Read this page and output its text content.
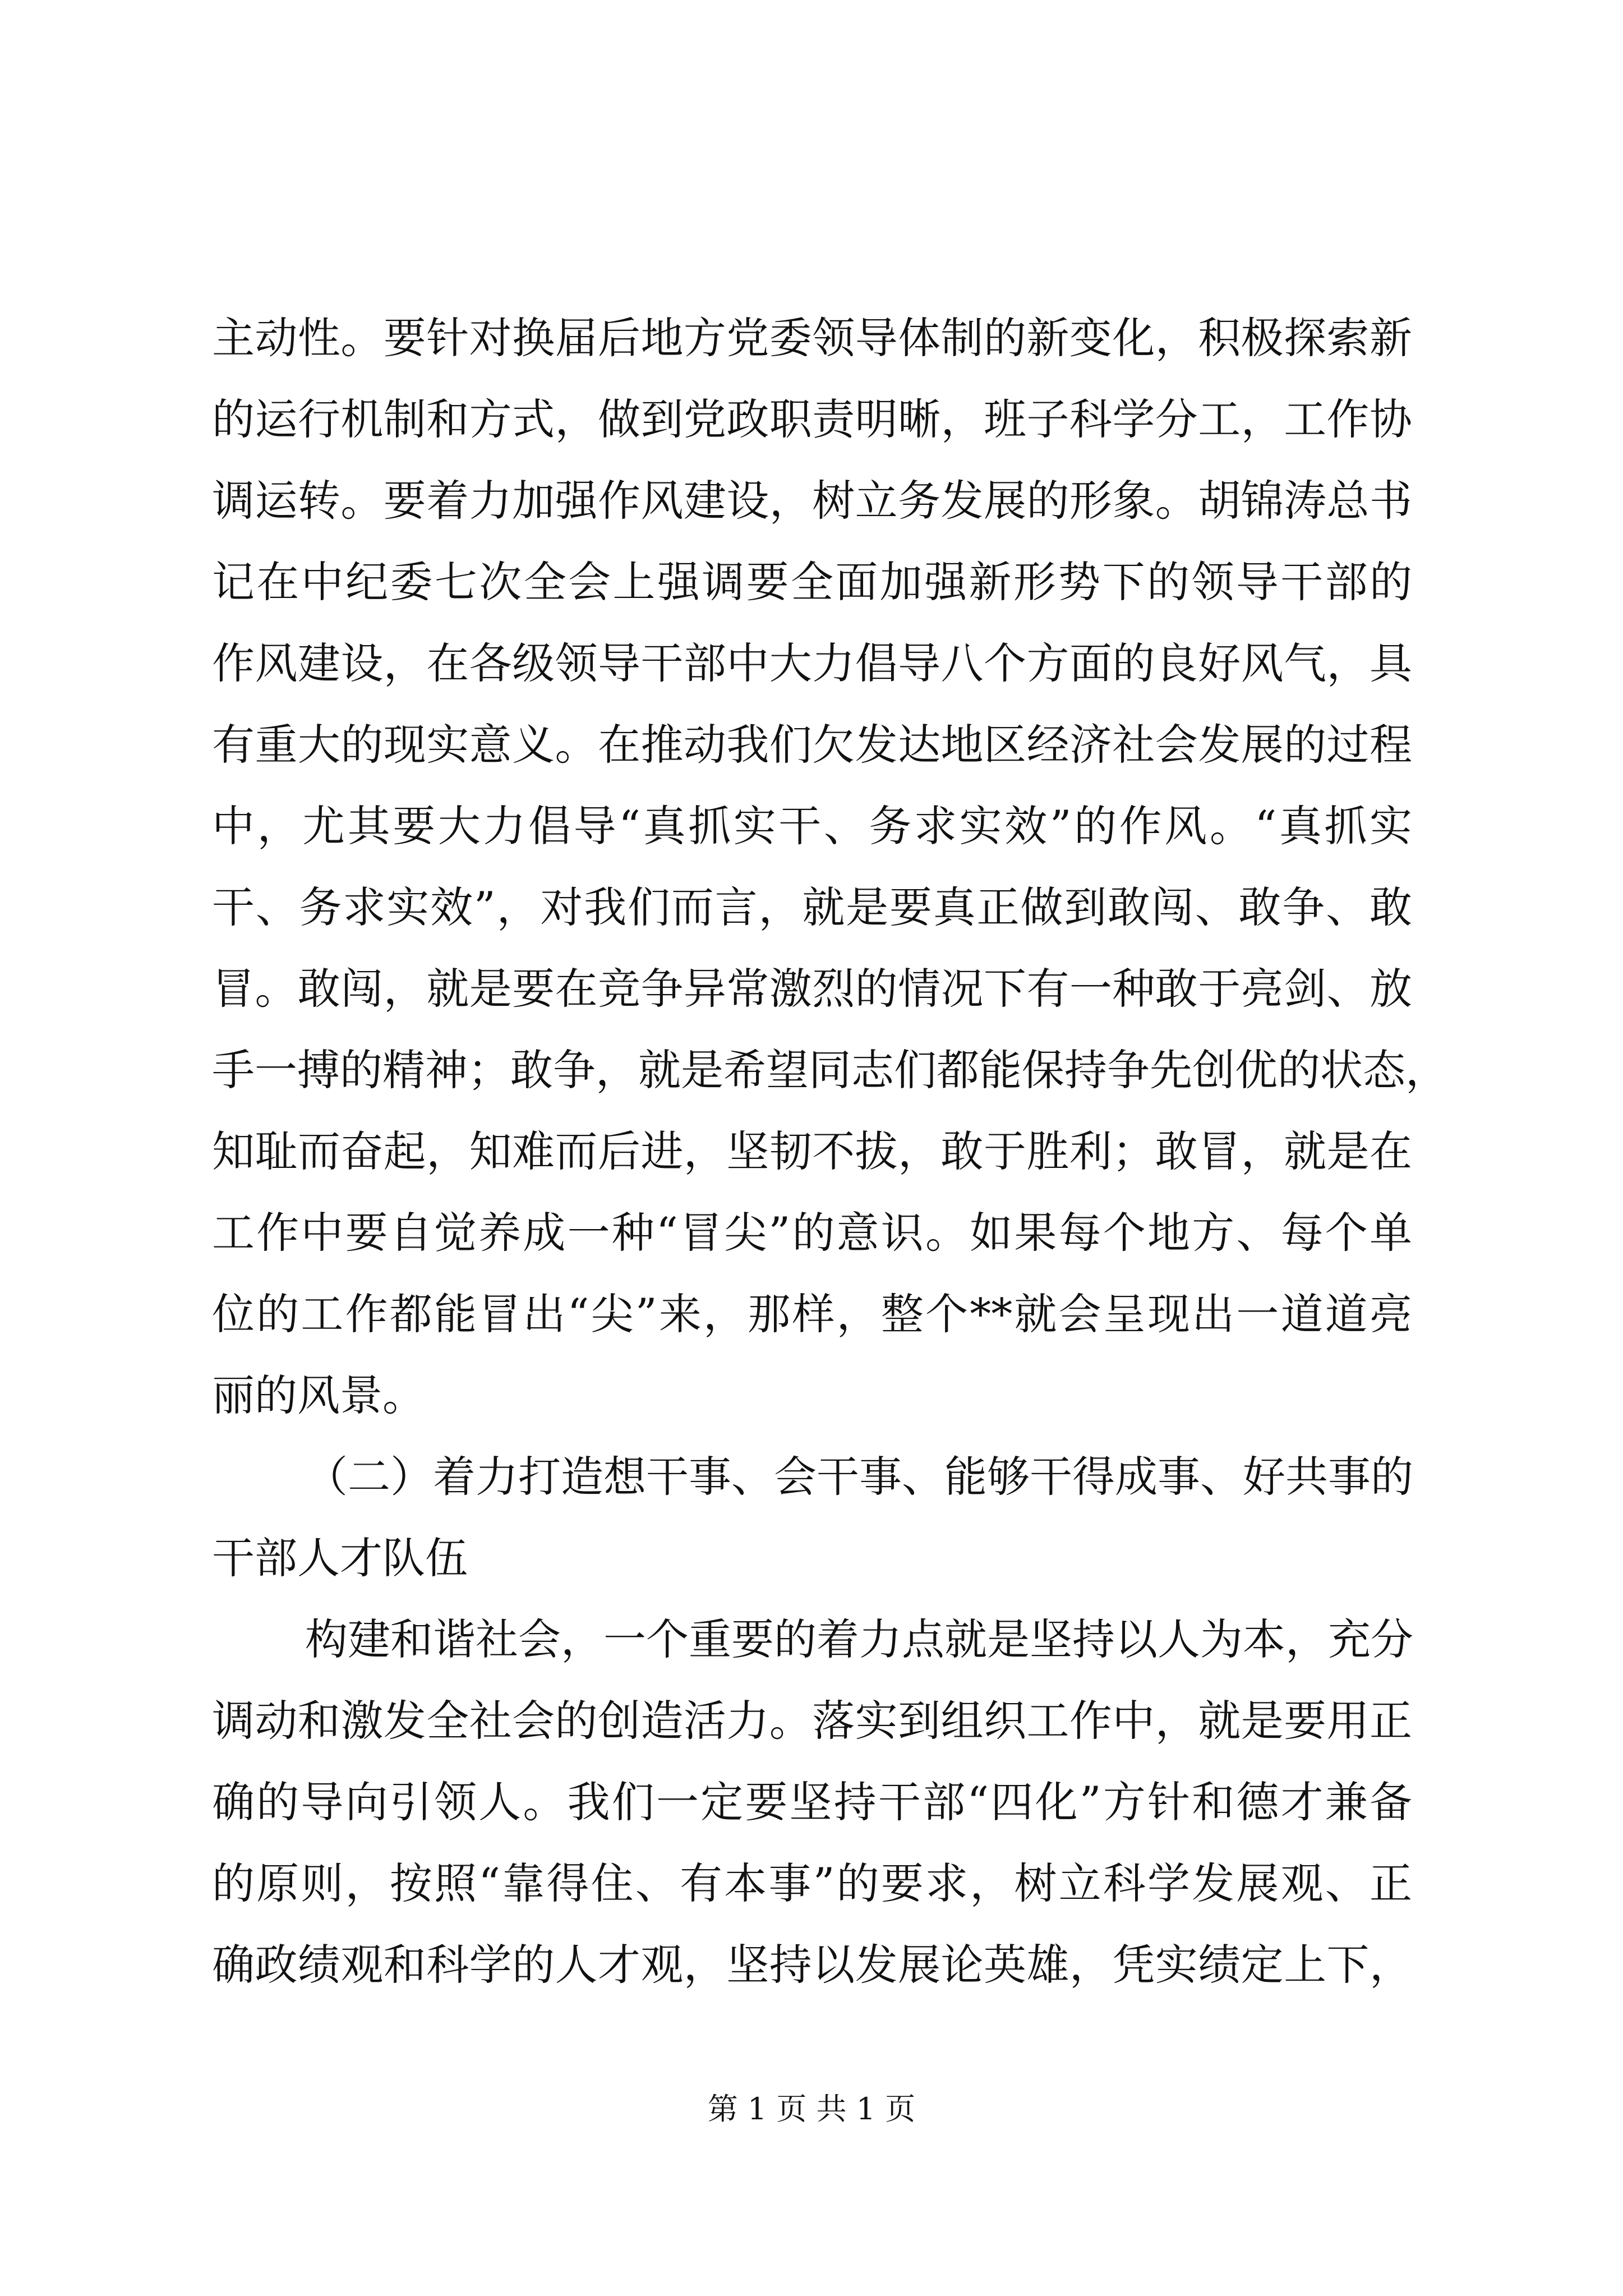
主动性。要针对换届后地方党委领导体制的新变化，积极探索新
的运行机制和方式，做到党政职责明晰，班子科学分工，工作协
调运转。要着力加强作风建设，树立务发展的形象。胡锦涛总书
记在中纪委七次全会上强调要全面加强新形势下的领导干部的
作风建设，在各级领导干部中大力倡导八个方面的良好风气，具
有重大的现实意义。在推动我们欠发达地区经济社会发展的过程
中，尤其要大力倡导“真抓实干、务求实效”的作风。“真抓实
干、务求实效”，对我们而言，就是要真正做到敢闯、敢争、敢
冒。敢闯，就是要在竞争异常激烈的情况下有一种敢于亮剑、放
手一搏的精神；敢争，就是希望同志们都能保持争先创优的状态，
知耻而奋起，知难而后进，坚韧不拔，敢于胜利；敢冒，就是在
工作中要自觉养成一种“冒尖”的意识。如果每个地方、每个单
位的工作都能冒出“尖”来，那样，整个**就会呈现出一道道亮
丽的风景。
（二）着力打造想干事、会干事、能够干得成事、好共事的
干部人才队伍
构建和谐社会，一个重要的着力点就是坚持以人为本，充分
调动和激发全社会的创造活力。落实到组织工作中，就是要用正
确的导向引领人。我们一定要坚持干部“四化”方针和德才兼备
的原则，按照“靠得住、有本事”的要求，树立科学发展观、正
确政绩观和科学的人才观，坚持以发展论英雄，凭实绩定上下，
第 1 页 共 1 页
